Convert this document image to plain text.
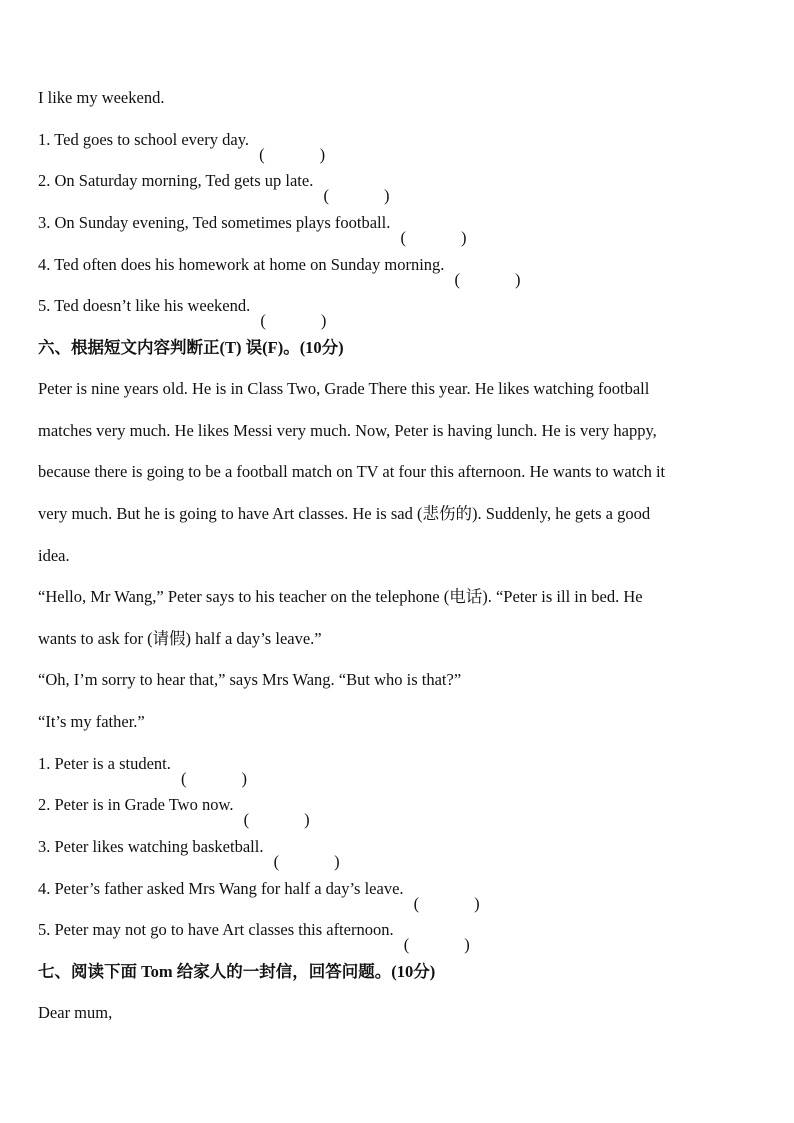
I like my weekend.
1. Ted goes to school every day.
(	)
2. On Saturday morning, Ted gets up late.
(	)
3. On Sunday evening, Ted sometimes plays football.
(	)
4. Ted often does his homework at home on Sunday morning.
(	)
5. Ted doesn’t like his weekend.
(	)
六、根据短文内容判断正(T) 误(F)。(10分)
Peter is nine years old. He is in Class Two, Grade There this year. He likes watching football
matches very much. He likes Messi very much. Now, Peter is having lunch. He is very happy,
because there is going to be a football match on TV at four this afternoon. He wants to watch it
very much. But he is going to have Art classes. He is sad (悲伤的). Suddenly, he gets a good
idea.
“Hello, Mr Wang,” Peter says to his teacher on the telephone (电话). “Peter is ill in bed. He
wants to ask for (请假) half a day’s leave.”
“Oh, I’m sorry to hear that,” says Mrs Wang. “But who is that?”
“It’s my father.”
1. Peter is a student.
(	)
2. Peter is in Grade Two now.
(	)
3. Peter likes watching basketball.
(	)
4. Peter’s father asked Mrs Wang for half a day’s leave.
(	)
5. Peter may not go to have Art classes this afternoon.
(	)
七、阅读下面 Tom 给家人的一封信，回答问题。(10分)
Dear mum,
